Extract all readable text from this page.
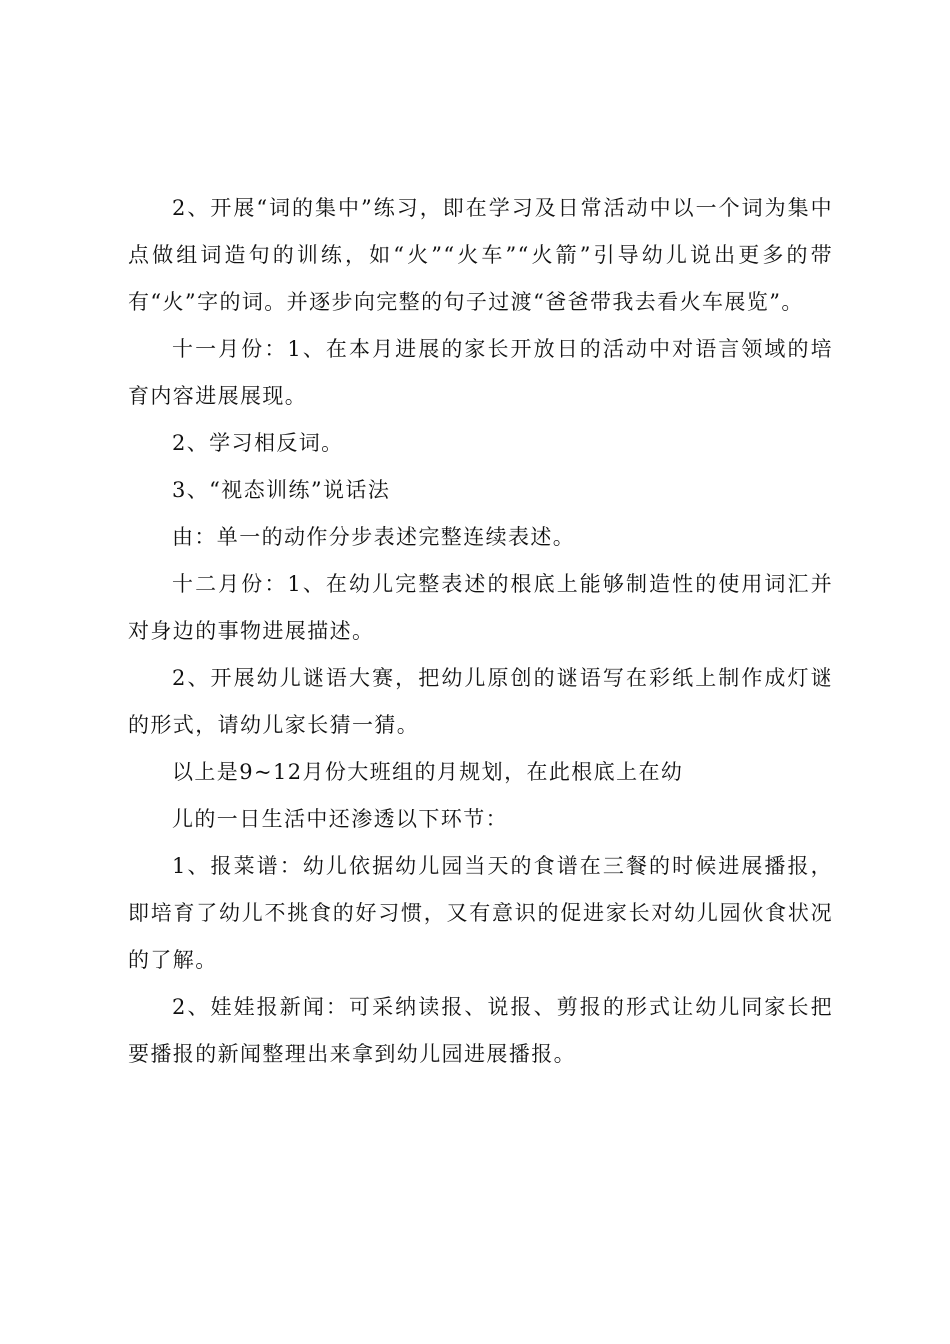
2、开展“词的集中”练习，即在学习及日常活动中以一个词为集中点做组词造句的训练，如“火”“火车”“火箭”引导幼儿说出更多的带有“火”字的词。并逐步向完整的句子过渡“爸爸带我去看火车展览”。

十一月份：1、在本月进展的家长开放日的活动中对语言领域的培育内容进展展现。

2、学习相反词。

3、“视态训练”说话法

由：单一的动作分步表述完整连续表述。

十二月份：1、在幼儿完整表述的根底上能够制造性的使用词汇并对身边的事物进展描述。

2、开展幼儿谜语大赛，把幼儿原创的谜语写在彩纸上制作成灯谜的形式，请幼儿家长猜一猜。

以上是9~12月份大班组的月规划，在此根底上在幼

儿的一日生活中还渗透以下环节：

1、报菜谱：幼儿依据幼儿园当天的食谱在三餐的时候进展播报，即培育了幼儿不挑食的好习惯，又有意识的促进家长对幼儿园伙食状况的了解。

2、娃娃报新闻：可采纳读报、说报、剪报的形式让幼儿同家长把要播报的新闻整理出来拿到幼儿园进展播报。
